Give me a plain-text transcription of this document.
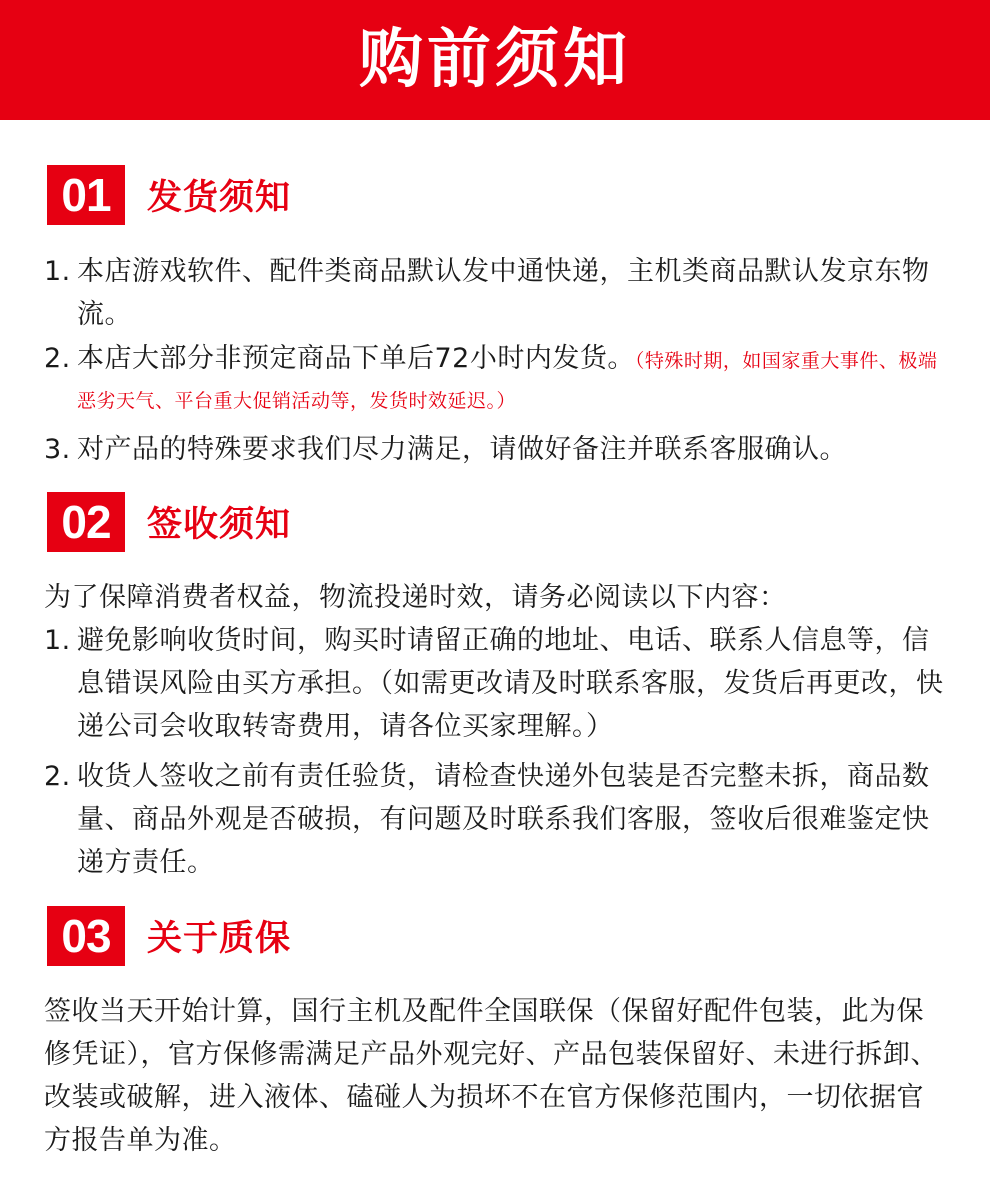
购前须知
01	发货须知
1. 本店游戏软件、配件类商品默认发中通快递，主机类商品默认发京东物流。
2. 本店大部分非预定商品下单后72小时内发货。（特殊时期，如国家重大事件、极端恶劣天气、平台重大促销活动等，发货时效延迟。）
3. 对产品的特殊要求我们尽力满足，请做好备注并联系客服确认。
02	签收须知

为了保障消费者权益，物流投递时效，请务必阅读以下内容：

1. 避免影响收货时间，购买时请留正确的地址、电话、联系人信息等，信息错误风险由买方承担。（如需更改请及时联系客服，发货后再更改，快递公司会收取转寄费用，请各位买家理解。）
2. 收货人签收之前有责任验货，请检查快递外包装是否完整未拆，商品数量、商品外观是否破损，有问题及时联系我们客服，签收后很难鉴定快递方责任。
03	关于质保

签收当天开始计算，国行主机及配件全国联保（保留好配件包装，此为保修凭证），官方保修需满足产品外观完好、产品包装保留好、未进行拆卸、改装或破解，进入液体、磕碰人为损坏不在官方保修范围内，一切依据官方报告单为准。
